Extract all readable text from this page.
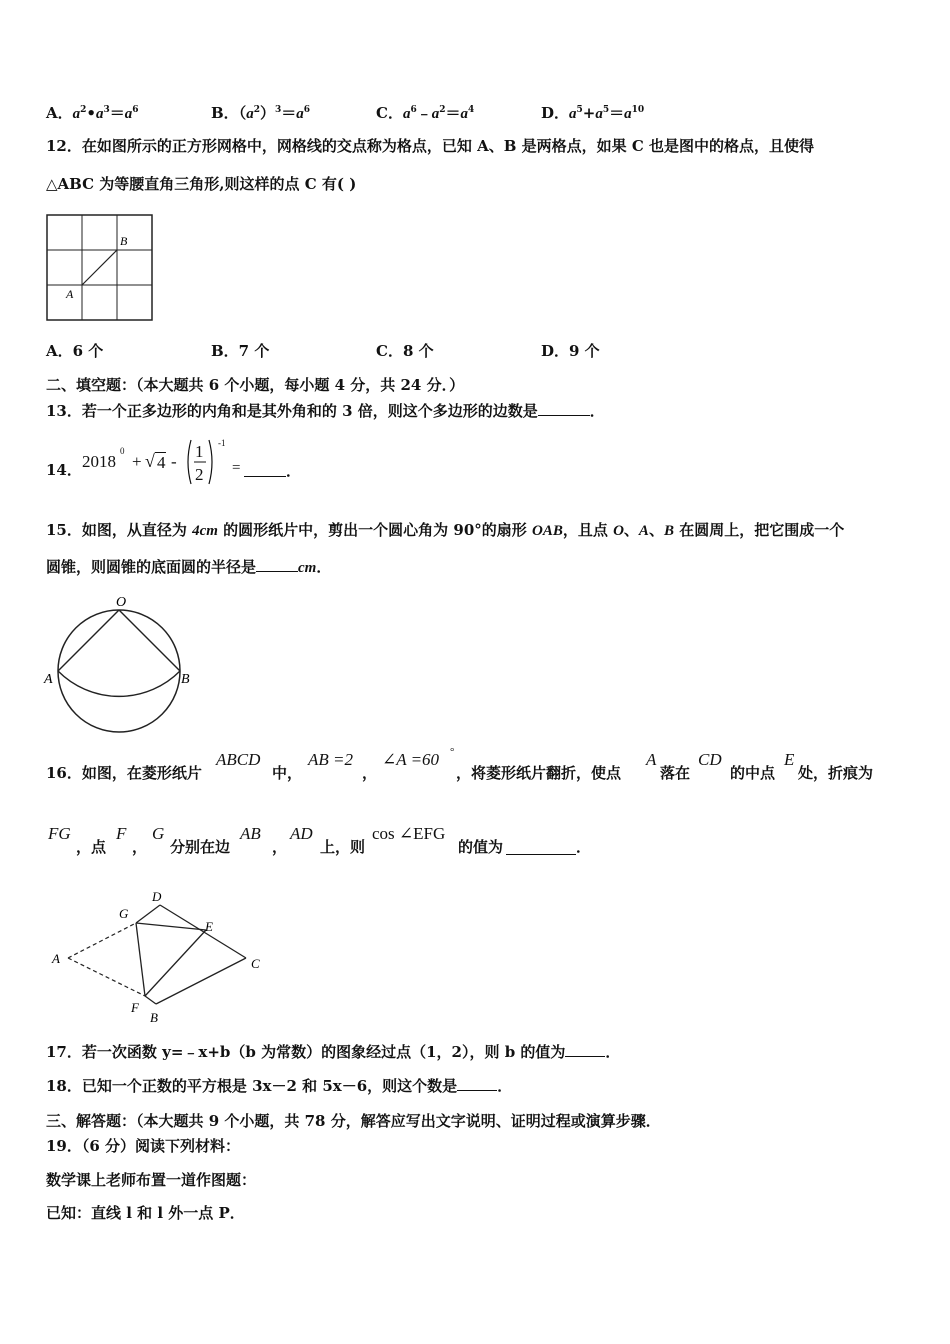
A．$a^2•a^3=a^6$	B．$(a^2)^3=a^6$	C．$a^6﹣a^2=a^4$	D．$a^5+a^5=a^{10}$
12．在如图所示的正方形网格中，网格线的交点称为格点，已知 A、B 是两格点，如果 C 也是图中的格点，且使得
△ABC 为等腰直角三角形,则这样的点 C 有( )
A
B
A．6 个	B．7 个	C．8 个	D．9 个
二、填空题：（本大题共 6 个小题，每小题 4 分，共 24 分．）
13．若一个正多边形的内角和是其外角和的 3 倍，则这个多边形的边数是	．
14． 2018
0
+ √ 4 -
1
2
-1
=	．
15．如图，从直径为 4cm 的圆形纸片中，剪出一个圆心角为 90°的扇形 OAB，且点 O、A、B 在圆周上，把它围成一个
圆锥，则圆锥的底面圆的半径是	cm．
O
A	B
16．如图，在菱形纸片
ABCD
中，
AB =2
，
∠A =60 °
，将菱形纸片翻折，使点
A
落在
CD
的中点
E
处，折痕为
FG
，点
F
，
G
分别在边
AB
，
AD
上，则
cos ∠EFG
的值为	．
A
G
D
E
C
F
B
17．若一次函数 y=﹣x+b（b 为常数）的图象经过点（1，2），则 b 的值为	．
18．已知一个正数的平方根是 3x－2 和 5x－6，则这个数是	．
三、解答题：（本大题共 9 个小题，共 78 分，解答应写出文字说明、证明过程或演算步骤．
19．（6 分）阅读下列材料：
数学课上老师布置一道作图题：
已知：直线 l 和 l 外一点 P．
